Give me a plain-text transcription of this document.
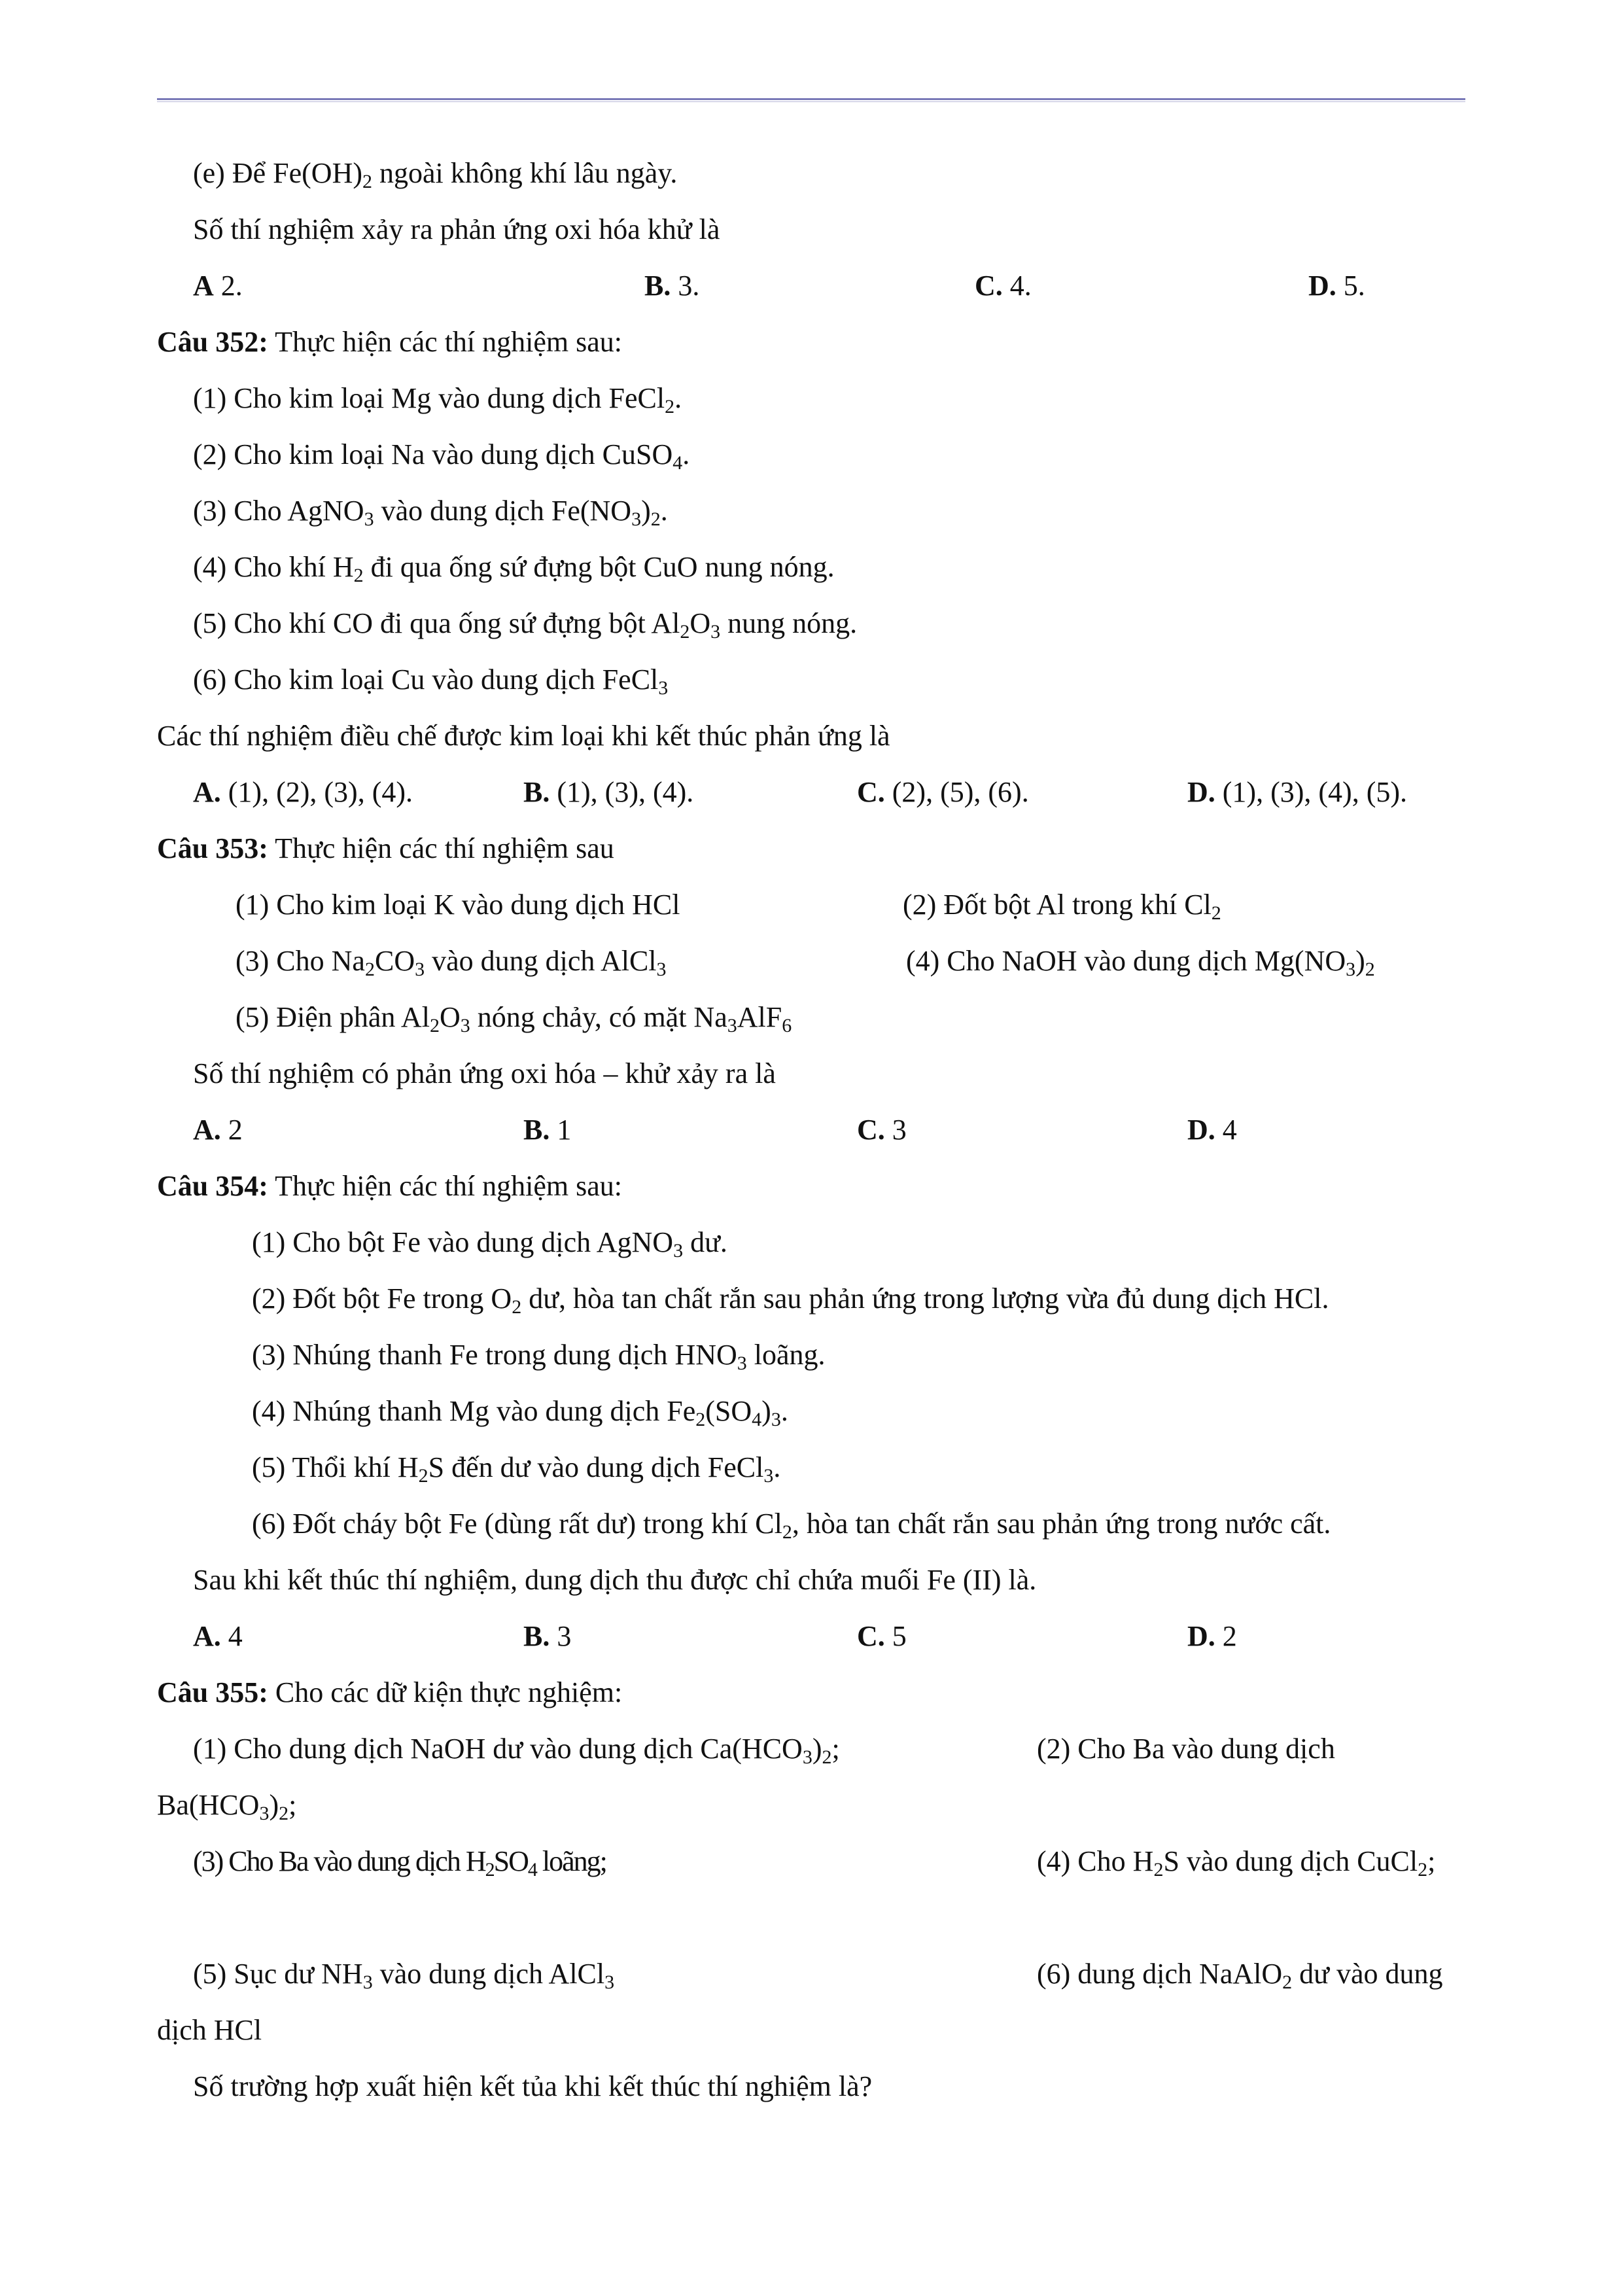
(e) Để $Fe(OH)_2$ ngoài không khí lâu ngày.
Số thí nghiệm xảy ra phản ứng oxi hóa khử là
A 2.	B. 3.	C. 4.	D. 5.
Câu 352: Thực hiện các thí nghiệm sau:
(1) Cho kim loại Mg vào dung dịch FeCl$_2$.
(2) Cho kim loại Na vào dung dịch CuSO$_4$.
(3) Cho AgNO$_3$ vào dung dịch $Fe(NO_3)_2$.
(4) Cho khí $H_2$ đi qua ống sứ đựng bột CuO nung nóng.
(5) Cho khí CO đi qua ống sứ đựng bột $Al_2O_3$ nung nóng.
(6) Cho kim loại Cu vào dung dịch FeCl$_3$
Các thí nghiệm điều chế được kim loại khi kết thúc phản ứng là
A. (1), (2), (3), (4).	B. (1), (3), (4).	C. (2), (5), (6).	D. (1), (3), (4), (5).
Câu 353: Thực hiện các thí nghiệm sau
(1) Cho kim loại K vào dung dịch HCl	(2) Đốt bột Al trong khí $Cl_2$
(3) Cho $Na_2CO_3$ vào dung dịch AlCl$_3$	(4) Cho NaOH vào dung dịch $Mg(NO_3)_2$
(5) Điện phân $Al_2O_3$ nóng chảy, có mặt $Na_3AlF_6$
Số thí nghiệm có phản ứng oxi hóa – khử xảy ra là
A. 2	B. 1	C. 3	D. 4
Câu 354: Thực hiện các thí nghiệm sau:
(1) Cho bột Fe vào dung dịch AgNO$_3$ dư.
(2) Đốt bột Fe trong $O_2$ dư, hòa tan chất rắn sau phản ứng trong lượng vừa đủ dung dịch HCl.
(3) Nhúng thanh Fe trong dung dịch $HNO_3$ loãng.
(4) Nhúng thanh Mg vào dung dịch $Fe_2(SO_4)_3$.
(5) Thổi khí $H_2S$ đến dư vào dung dịch FeCl$_3$.
(6) Đốt cháy bột Fe (dùng rất dư) trong khí $Cl_2$, hòa tan chất rắn sau phản ứng trong nước cất.
Sau khi kết thúc thí nghiệm, dung dịch thu được chỉ chứa muối Fe (II) là.
A. 4	B. 3	C. 5	D. 2
Câu 355: Cho các dữ kiện thực nghiệm:
(1) Cho dung dịch NaOH dư vào dung dịch $Ca(HCO_3)_2$;	(2) Cho Ba vào dung dịch
$Ba(HCO_3)_2$;
(3) Cho Ba vào dung dịch $H_2SO_4$ loãng;	(4) Cho $H_2S$ vào dung dịch CuCl$_2$;
(5) Sục dư $NH_3$ vào dung dịch AlCl$_3$	(6) dung dịch NaAlO$_2$ dư vào dung
dịch HCl
Số trường hợp xuất hiện kết tủa khi kết thúc thí nghiệm là?
